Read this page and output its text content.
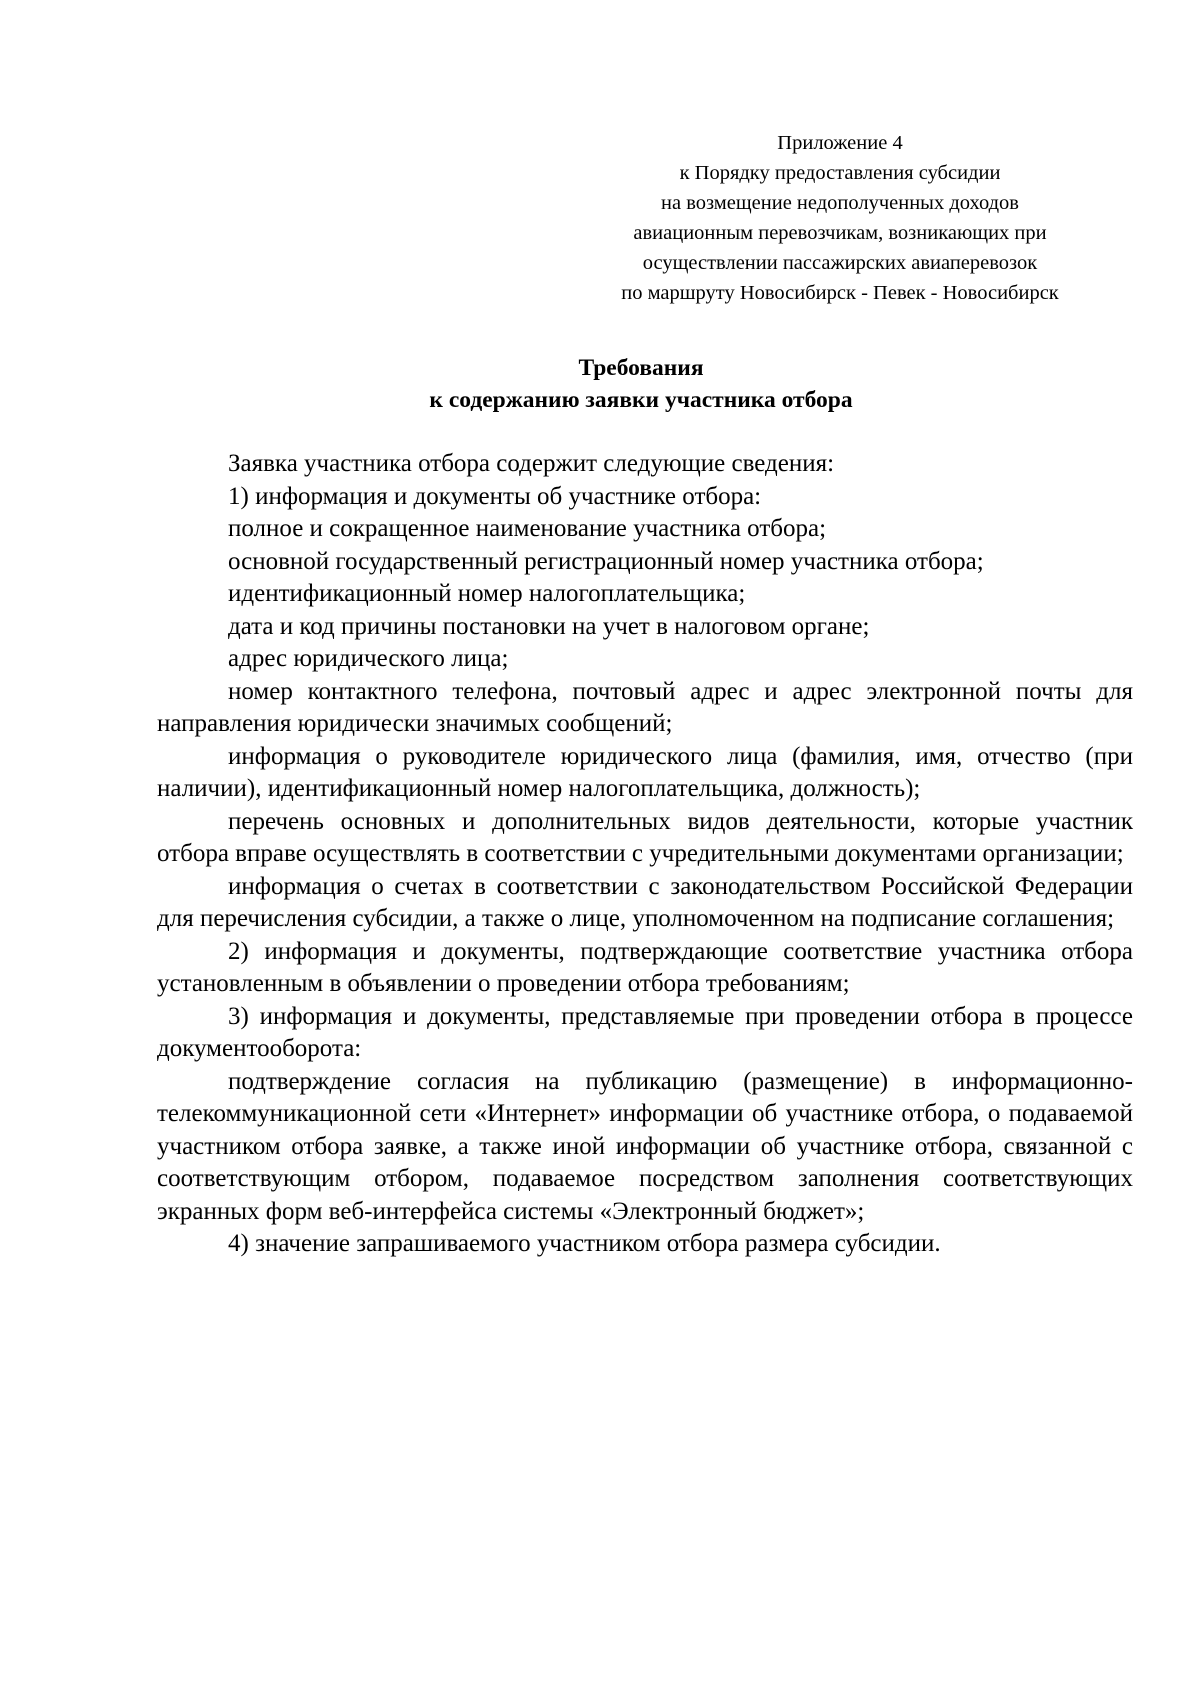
Приложение 4
к Порядку предоставления субсидии
на возмещение недополученных доходов
авиационным перевозчикам, возникающих при
осуществлении пассажирских авиаперевозок
по маршруту Новосибирск - Певек - Новосибирск
Требования
к содержанию заявки участника отбора

Заявка участника отбора содержит следующие сведения:

1) информация и документы об участнике отбора:

полное и сокращенное наименование участника отбора;

основной государственный регистрационный номер участника отбора;

идентификационный номер налогоплательщика;

дата и код причины постановки на учет в налоговом органе;

адрес юридического лица;

номер контактного телефона, почтовый адрес и адрес электронной почты для направления юридически значимых сообщений;

информация о руководителе юридического лица (фамилия, имя, отчество (при наличии), идентификационный номер налогоплательщика, должность);

перечень основных и дополнительных видов деятельности, которые участник отбора вправе осуществлять в соответствии с учредительными документами организации;

информация о счетах в соответствии с законодательством Российской Федерации для перечисления субсидии, а также о лице, уполномоченном на подписание соглашения;

2) информация и документы, подтверждающие соответствие участника отбора установленным в объявлении о проведении отбора требованиям;

3) информация и документы, представляемые при проведении отбора в процессе документооборота:

подтверждение согласия на публикацию (размещение) в информационно-телекоммуникационной сети «Интернет» информации об участнике отбора, о подаваемой участником отбора заявке, а также иной информации об участнике отбора, связанной с соответствующим отбором, подаваемое посредством заполнения соответствующих экранных форм веб-интерфейса системы «Электронный бюджет»;

4) значение запрашиваемого участником отбора размера субсидии.
